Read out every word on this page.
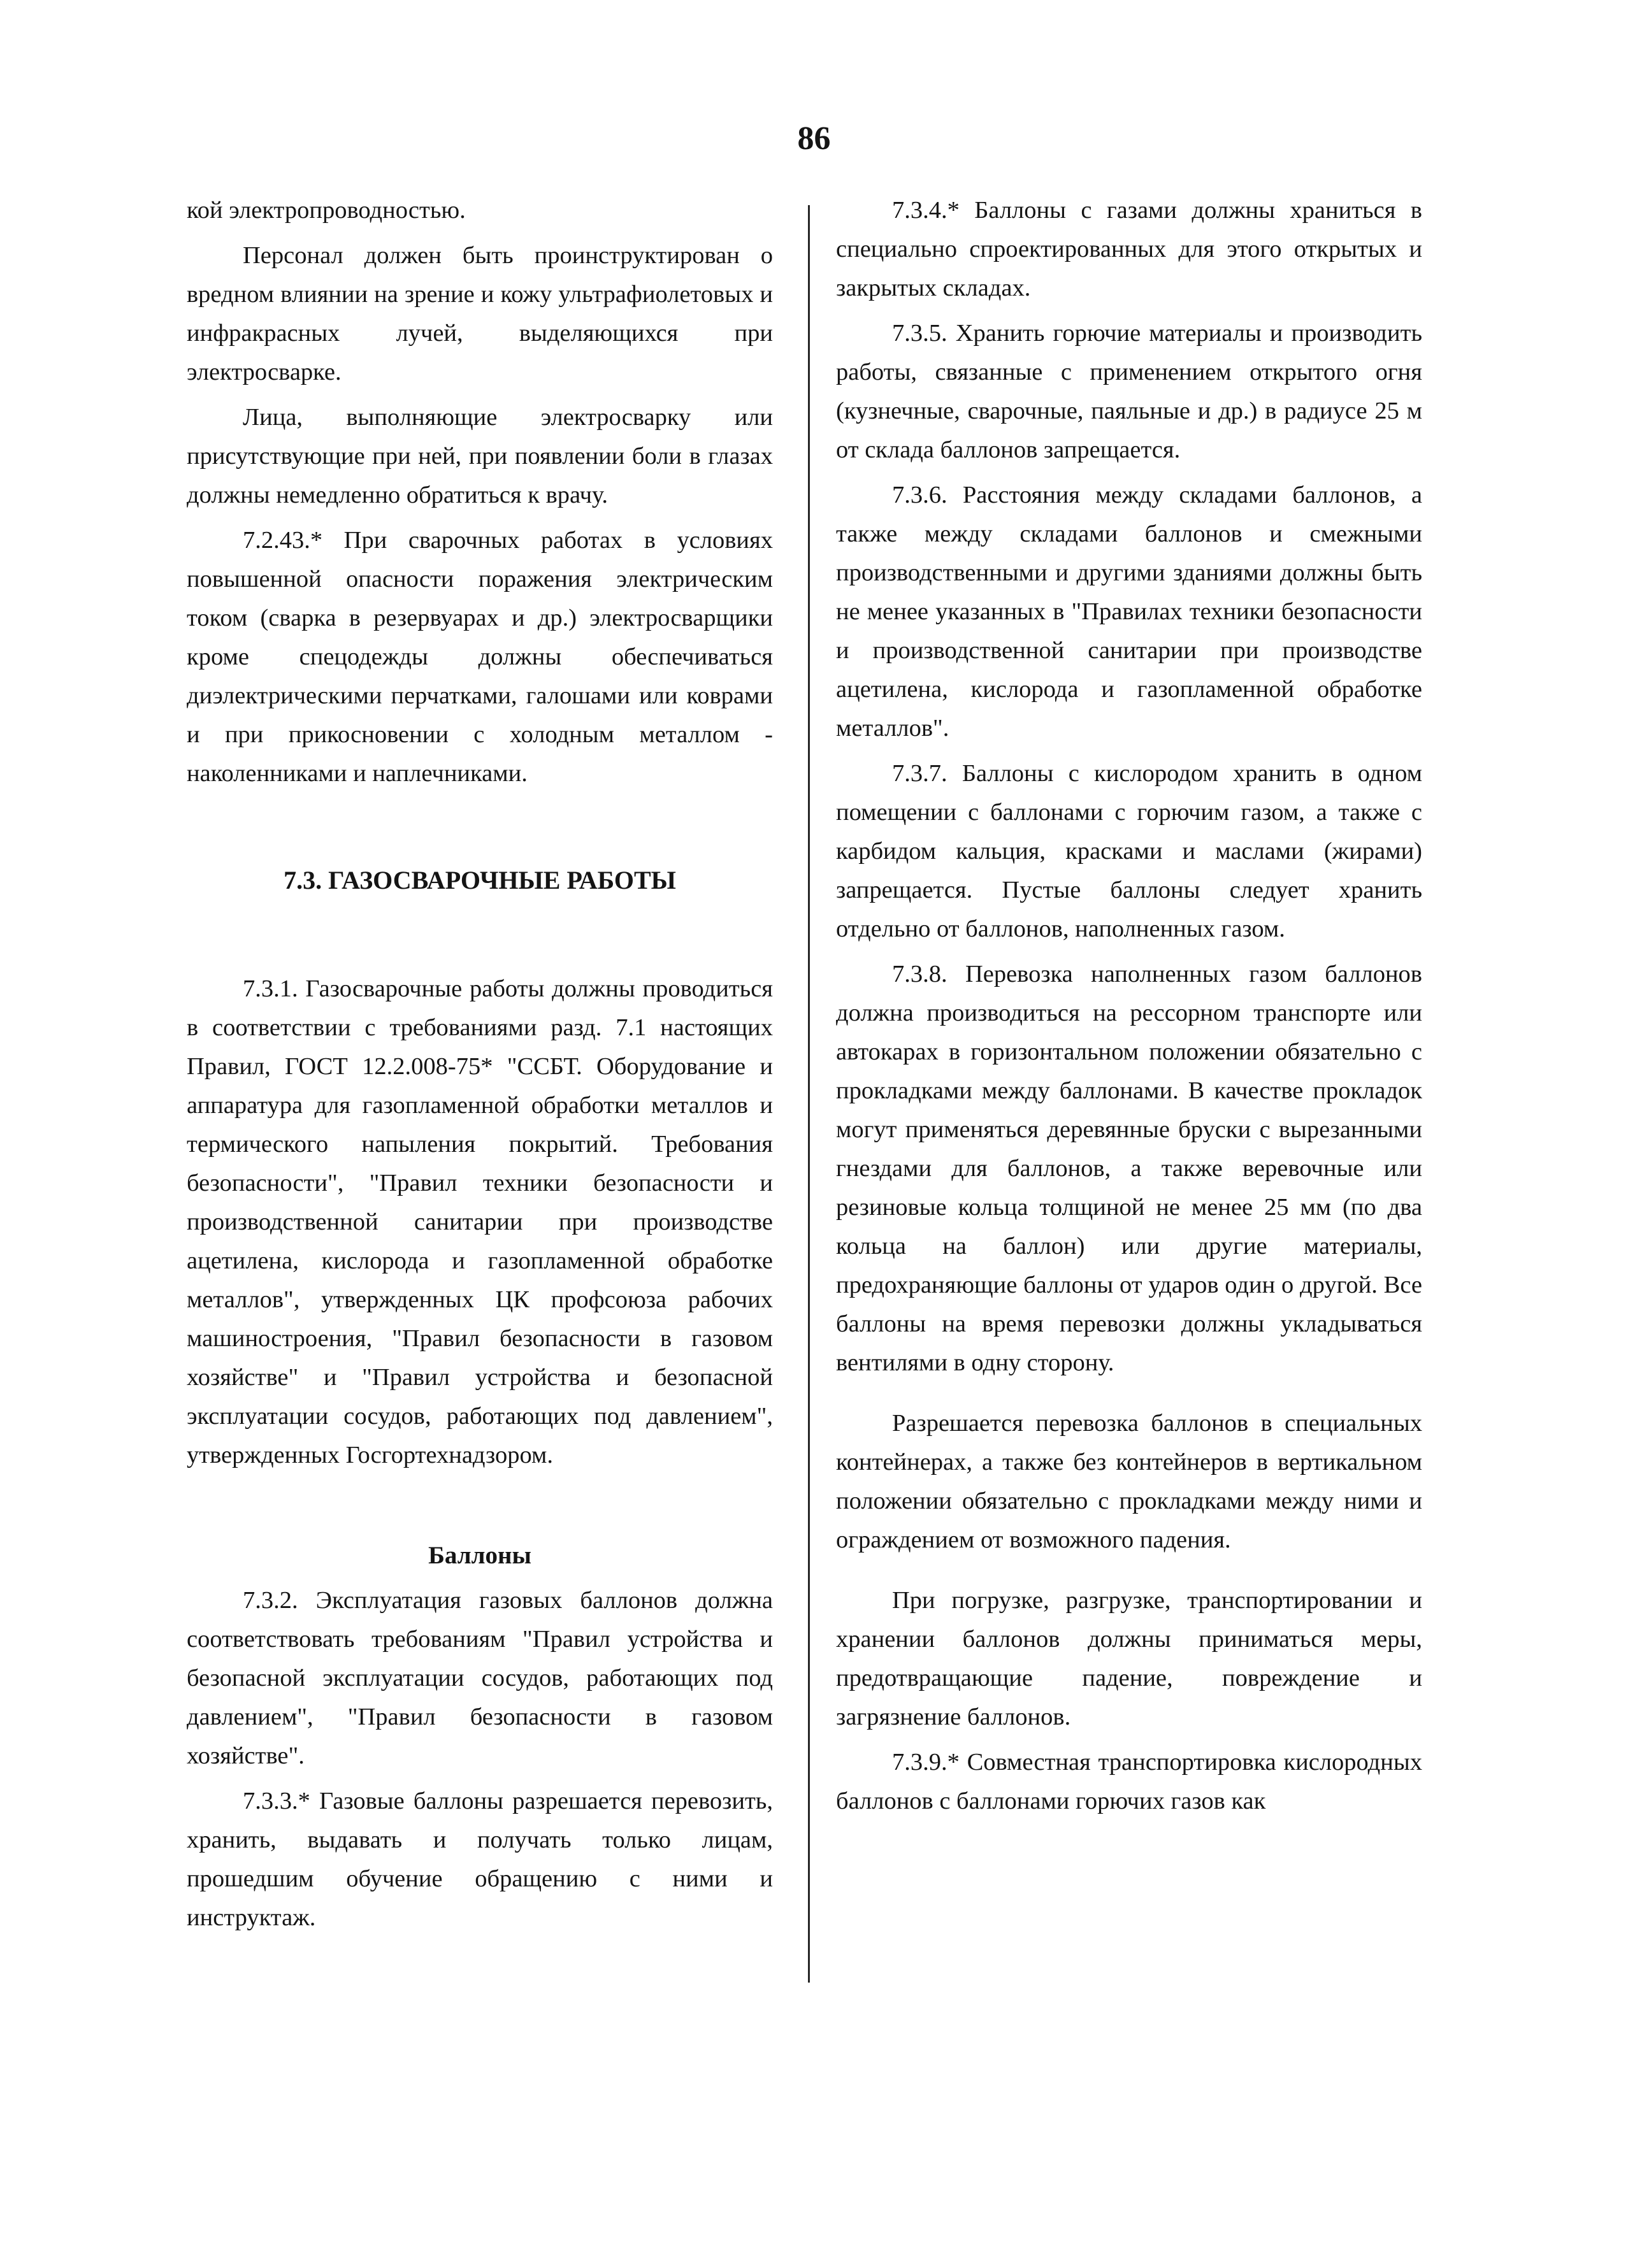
86

кой электропроводностью.

Персонал должен быть проинструктирован о вредном влиянии на зрение и кожу ультрафиолетовых и инфракрасных лучей, выделяющихся при электросварке.

Лица, выполняющие электросварку или присутствующие при ней, при появлении боли в глазах должны немедленно обратиться к врачу.

7.2.43.* При сварочных работах в условиях повышенной опасности поражения электрическим током (сварка в резервуарах и др.) электросварщики кроме спецодежды должны обеспечиваться диэлектрическими перчатками, галошами или коврами и при прикосновении с холодным металлом - наколенниками и наплечниками.

7.3. ГАЗОСВАРОЧНЫЕ РАБОТЫ

7.3.1. Газосварочные работы должны проводиться в соответствии с требованиями разд. 7.1 настоящих Правил, ГОСТ 12.2.008-75* "ССБТ. Оборудование и аппаратура для газопламенной обработки металлов и термического напыления покрытий. Требования безопасности", "Правил техники безопасности и производственной санитарии при производстве ацетилена, кислорода и газопламенной обработке металлов", утвержденных ЦК профсоюза рабочих машиностроения, "Правил безопасности в газовом хозяйстве" и "Правил устройства и безопасной эксплуатации сосудов, работающих под давлением", утвержденных Госгортехнадзором.

Баллоны

7.3.2. Эксплуатация газовых баллонов должна соответствовать требованиям "Правил устройства и безопасной эксплуатации сосудов, работающих под давлением", "Правил безопасности в газовом хозяйстве".

7.3.3.* Газовые баллоны разрешается перевозить, хранить, выдавать и получать только лицам, прошедшим обучение обращению с ними и инструктаж.

7.3.4.* Баллоны с газами должны храниться в специально спроектированных для этого открытых и закрытых складах.

7.3.5. Хранить горючие материалы и производить работы, связанные с применением открытого огня (кузнечные, сварочные, паяльные и др.) в радиусе 25 м от склада баллонов запрещается.

7.3.6. Расстояния между складами баллонов, а также между складами баллонов и смежными производственными и другими зданиями должны быть не менее указанных в "Правилах техники безопасности и производственной санитарии при производстве ацетилена, кислорода и газопламенной обработке металлов".

7.3.7. Баллоны с кислородом хранить в одном помещении с баллонами с горючим газом, а также с карбидом кальция, красками и маслами (жирами) запрещается. Пустые баллоны следует хранить отдельно от баллонов, наполненных газом.

7.3.8. Перевозка наполненных газом баллонов должна производиться на рессорном транспорте или автокарах в горизонтальном положении обязательно с прокладками между баллонами. В качестве прокладок могут применяться деревянные бруски с вырезанными гнездами для баллонов, а также веревочные или резиновые кольца толщиной не менее 25 мм (по два кольца на баллон) или другие материалы, предохраняющие баллоны от ударов один о другой. Все баллоны на время перевозки должны укладываться вентилями в одну сторону.

Разрешается перевозка баллонов в специальных контейнерах, а также без контейнеров в вертикальном положении обязательно с прокладками между ними и ограждением от возможного падения.

При погрузке, разгрузке, транспортировании и хранении баллонов должны приниматься меры, предотвращающие падение, повреждение и загрязнение баллонов.

7.3.9.* Совместная транспортировка кислородных баллонов с баллонами горючих газов как
